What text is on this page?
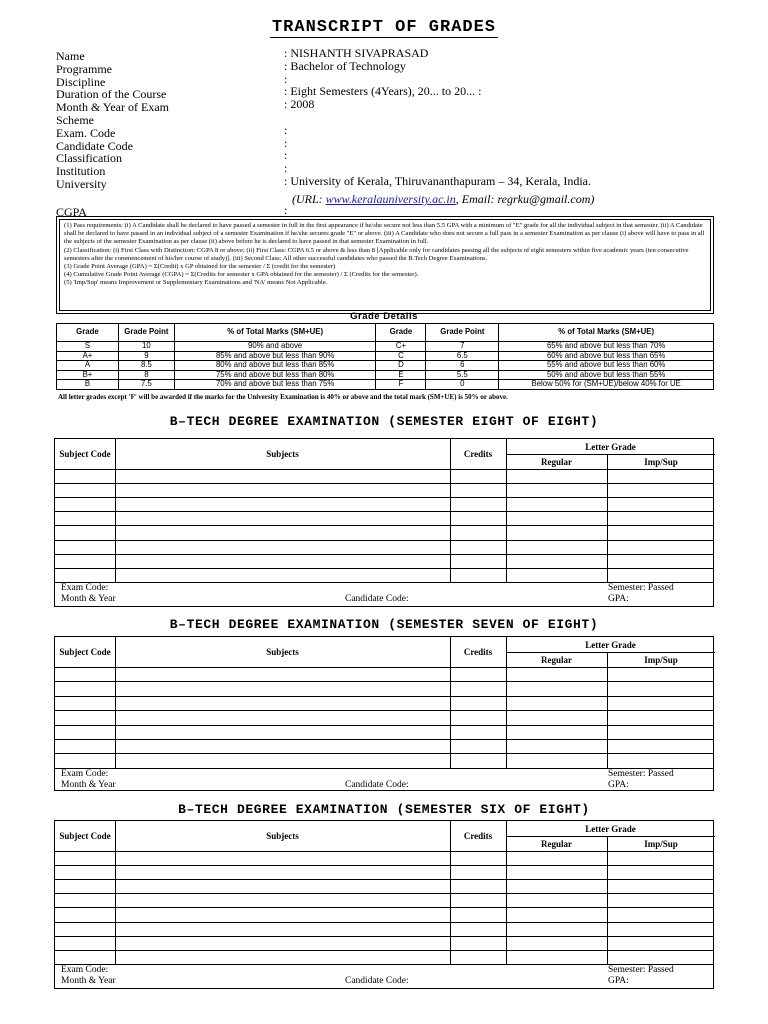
TRANSCRIPT OF GRADES
Name	: NISHANTH SIVAPRASAD
Programme	: Bachelor of Technology
Discipline	:
Duration of the Course	: Eight Semesters (4Years), 20... to 20... :
Month & Year of Exam	: 2008
Scheme
Exam. Code	:
Candidate Code	:
Classification	:
Institution	:
University	: University of Kerala, Thiruvananthapuram – 34, Kerala, India.
(URL: www.keralauniversity.ac.in, Email: regrku@gmail.com)
CGPA	:

(1) Pass requirements: (i) A Candidate shall be declared to have passed a semester in full in the first appearance if he/she secure not less than 5.5 GPA with a minimum of "E" grade for all the individual subject in that semester. (ii) A Candidate shall be declared to have passed in an individual subject of a semester Examination if he/she secures grade "E" or above. (iii) A Candidate who does not secure a full pass in a semester Examination as per clause (i) above will have to pass in all the subjects of the semester Examination as per clause (ii) above before he is declared to have passed in that semester Examination in full.

(2) Classification: (i) First Class with Distinction: CGPA 8 or above; (ii) First Class: CGPA 6.5 or above & less than 8 [Applicable only for candidates passing all the subjects of eight semesters within five academic years (ten consecutive semesters after the commencement of his/her course of study)]. (iii) Second Class: All other successful candidates who passed the B.Tech Degree Examinations.

(3) Grade Point Average (GPA) = Σ(Credit) x GP obtained for the semester / Σ (credit for the semester)

(4) Cumulative Grade Point Average (CGPA) = Σ(Credits for semester x GPA obtained for the semester) / Σ (Credits for the semester).

(5) 'Imp/Sup' means Improvement or Supplementary Examinations and 'NA' means Not Applicable.

Grade Details
Grade	Grade Point	% of Total Marks (SM+UE)	Grade	Grade Point	% of Total Marks (SM+UE)
S	10	90% and above	C+	7	65% and above but less than 70%
A+	9	85% and above but less than 90%	C	6.5	60% and above but less than 65%
A	8.5	80% and above but less than 85%	D	6	55% and above but less than 60%
B+	8	75% and above but less than 80%	E	5.5	50% and above but less than 55%
B	7.5	70% and above but less than 75%	F	0	Below 50% for (SM+UE)/below 40% for UE
All letter grades except 'F' will be awarded if the marks for the University Examination is 40% or above and the total mark (SM+UE) is 50% or above.
B–TECH DEGREE EXAMINATION (SEMESTER EIGHT OF EIGHT)
Subject Code	Subjects	Credits
Letter Grade
Regular	Imp/Sup
Exam Code:
Month & Year	Candidate Code:
Semester: Passed
GPA:
B–TECH DEGREE EXAMINATION (SEMESTER SEVEN OF EIGHT)
Subject Code	Subjects	Credits
Letter Grade
Regular	Imp/Sup
Exam Code:
Month & Year	Candidate Code:
Semester: Passed
GPA:
B–TECH DEGREE EXAMINATION (SEMESTER SIX OF EIGHT)
Subject Code	Subjects	Credits
Letter Grade
Regular	Imp/Sup
Exam Code:
Month & Year	Candidate Code:
Semester: Passed
GPA:
